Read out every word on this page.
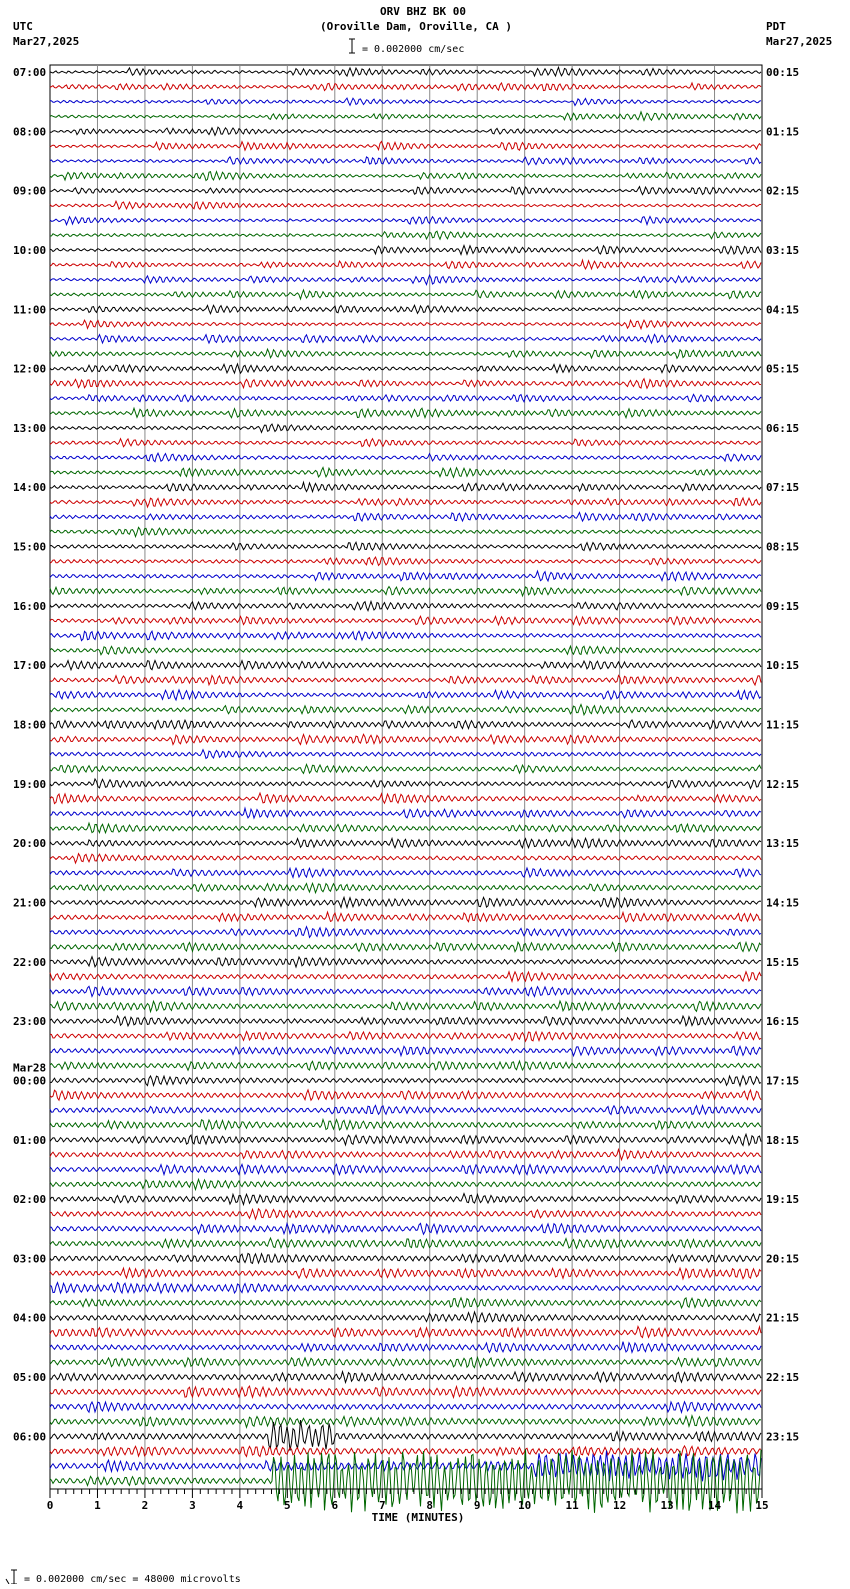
ORV BHZ BK 00
(Oroville Dam, Oroville, CA )
UTC
Mar27,2025
PDT
Mar27,2025
= 0.002000 cm/sec
07:00
08:00
09:00
10:00
11:00
12:00
13:00
14:00
15:00
16:00
17:00
18:00
19:00
20:00
21:00
22:00
23:00
00:00
Mar28
01:00
02:00
03:00
04:00
05:00
06:00
00:15
01:15
02:15
03:15
04:15
05:15
06:15
07:15
08:15
09:15
10:15
11:15
12:15
13:15
14:15
15:15
16:15
17:15
18:15
19:15
20:15
21:15
22:15
23:15
0	1	2	3	4	5	6	7	8	9	10	11	12	13	14	15
TIME (MINUTES)
= 0.002000 cm/sec = 48000 microvolts
